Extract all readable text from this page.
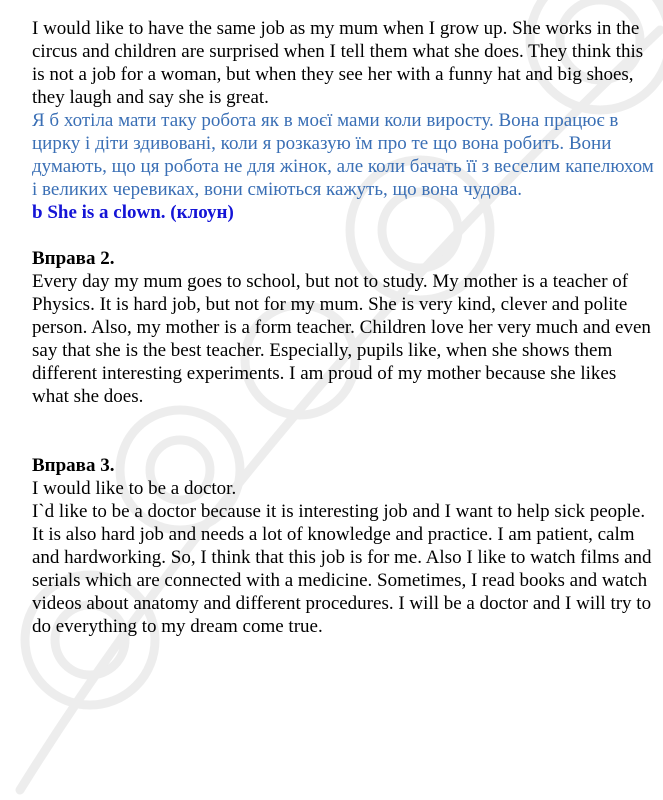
I would like to have the same job as my mum when I grow up. She works in the circus and children are surprised when I tell them what she does. They think this is not a job for a woman, but when they see her with a funny hat and big shoes, they laugh and say she is great.

Я б хотіла мати таку робота як в моєї мами коли виросту. Вона працює в цирку і діти здивовані, коли я розказую їм про те що вона робить. Вони думають, що ця робота не для жінок, але коли бачать її з веселим капелюхом і великих черевиках, вони сміються кажуть, що вона чудова.

b She is a clown. (клоун)

Вправа 2.

Every day my mum goes to school, but not to study. My mother is a teacher of Physics. It is hard job, but not for my mum. She is very kind, clever and polite person. Also, my mother is a form teacher. Children love her very much and even say that she is the best teacher. Especially, pupils like, when she shows them different interesting experiments. I am proud of my mother because she likes what she does.

Вправа 3.

I would like to be a doctor.

I`d like to be a doctor because it is interesting job and I want to help sick people. It is also hard job and needs a lot of knowledge and practice. I am patient, calm and hardworking. So, I think that this job is for me. Also I like to watch films and serials which are connected with a medicine. Sometimes, I read books and watch videos about anatomy and different procedures. I will be a doctor and I will try to do everything to my dream come true.
